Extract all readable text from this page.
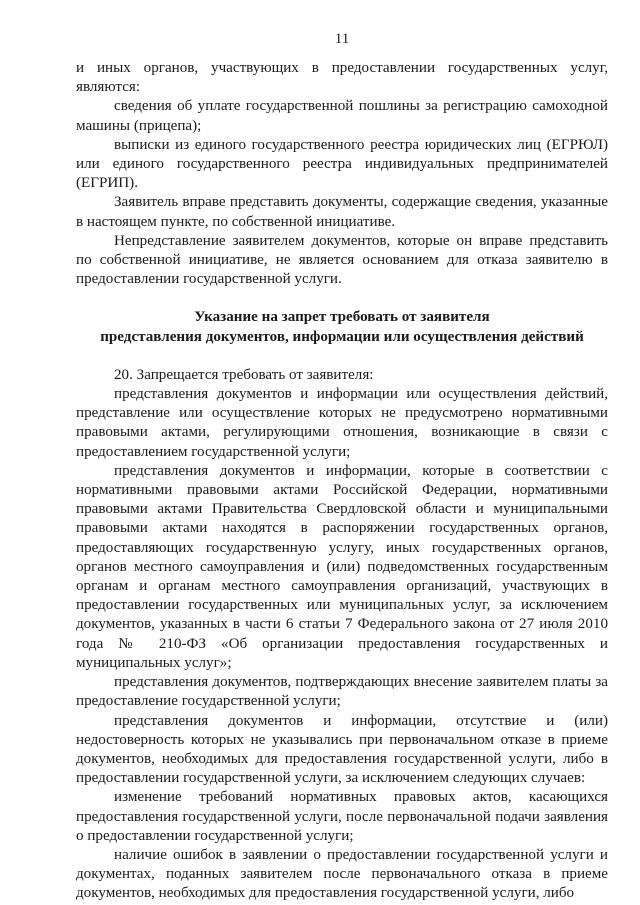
11

и иных органов, участвующих в предоставлении государственных услуг, являются:

сведения об уплате государственной пошлины за регистрацию самоходной машины (прицепа);

выписки из единого государственного реестра юридических лиц (ЕГРЮЛ) или единого государственного реестра индивидуальных предпринимателей (ЕГРИП).

Заявитель вправе представить документы, содержащие сведения, указанные в настоящем пункте, по собственной инициативе.

Непредставление заявителем документов, которые он вправе представить по собственной инициативе, не является основанием для отказа заявителю в предоставлении государственной услуги.

Указание на запрет требовать от заявителя

представления документов, информации или осуществления действий

20. Запрещается требовать от заявителя:

представления документов и информации или осуществления действий, представление или осуществление которых не предусмотрено нормативными правовыми актами, регулирующими отношения, возникающие в связи с предоставлением государственной услуги;

представления документов и информации, которые в соответствии с нормативными правовыми актами Российской Федерации, нормативными правовыми актами Правительства Свердловской области и муниципальными правовыми актами находятся в распоряжении государственных органов, предоставляющих государственную услугу, иных государственных органов, органов местного самоуправления и (или) подведомственных государственным органам и органам местного самоуправления организаций, участвующих в предоставлении государственных или муниципальных услуг, за исключением документов, указанных в части 6 статьи 7 Федерального закона от 27 июля 2010 года № 210-ФЗ «Об организации предоставления государственных и муниципальных услуг»;

представления документов, подтверждающих внесение заявителем платы за предоставление государственной услуги;

представления документов и информации, отсутствие и (или) недостоверность которых не указывались при первоначальном отказе в приеме документов, необходимых для предоставления государственной услуги, либо в предоставлении государственной услуги, за исключением следующих случаев:

изменение требований нормативных правовых актов, касающихся предоставления государственной услуги, после первоначальной подачи заявления о предоставлении государственной услуги;

наличие ошибок в заявлении о предоставлении государственной услуги и документах, поданных заявителем после первоначального отказа в приеме документов, необходимых для предоставления государственной услуги, либо
